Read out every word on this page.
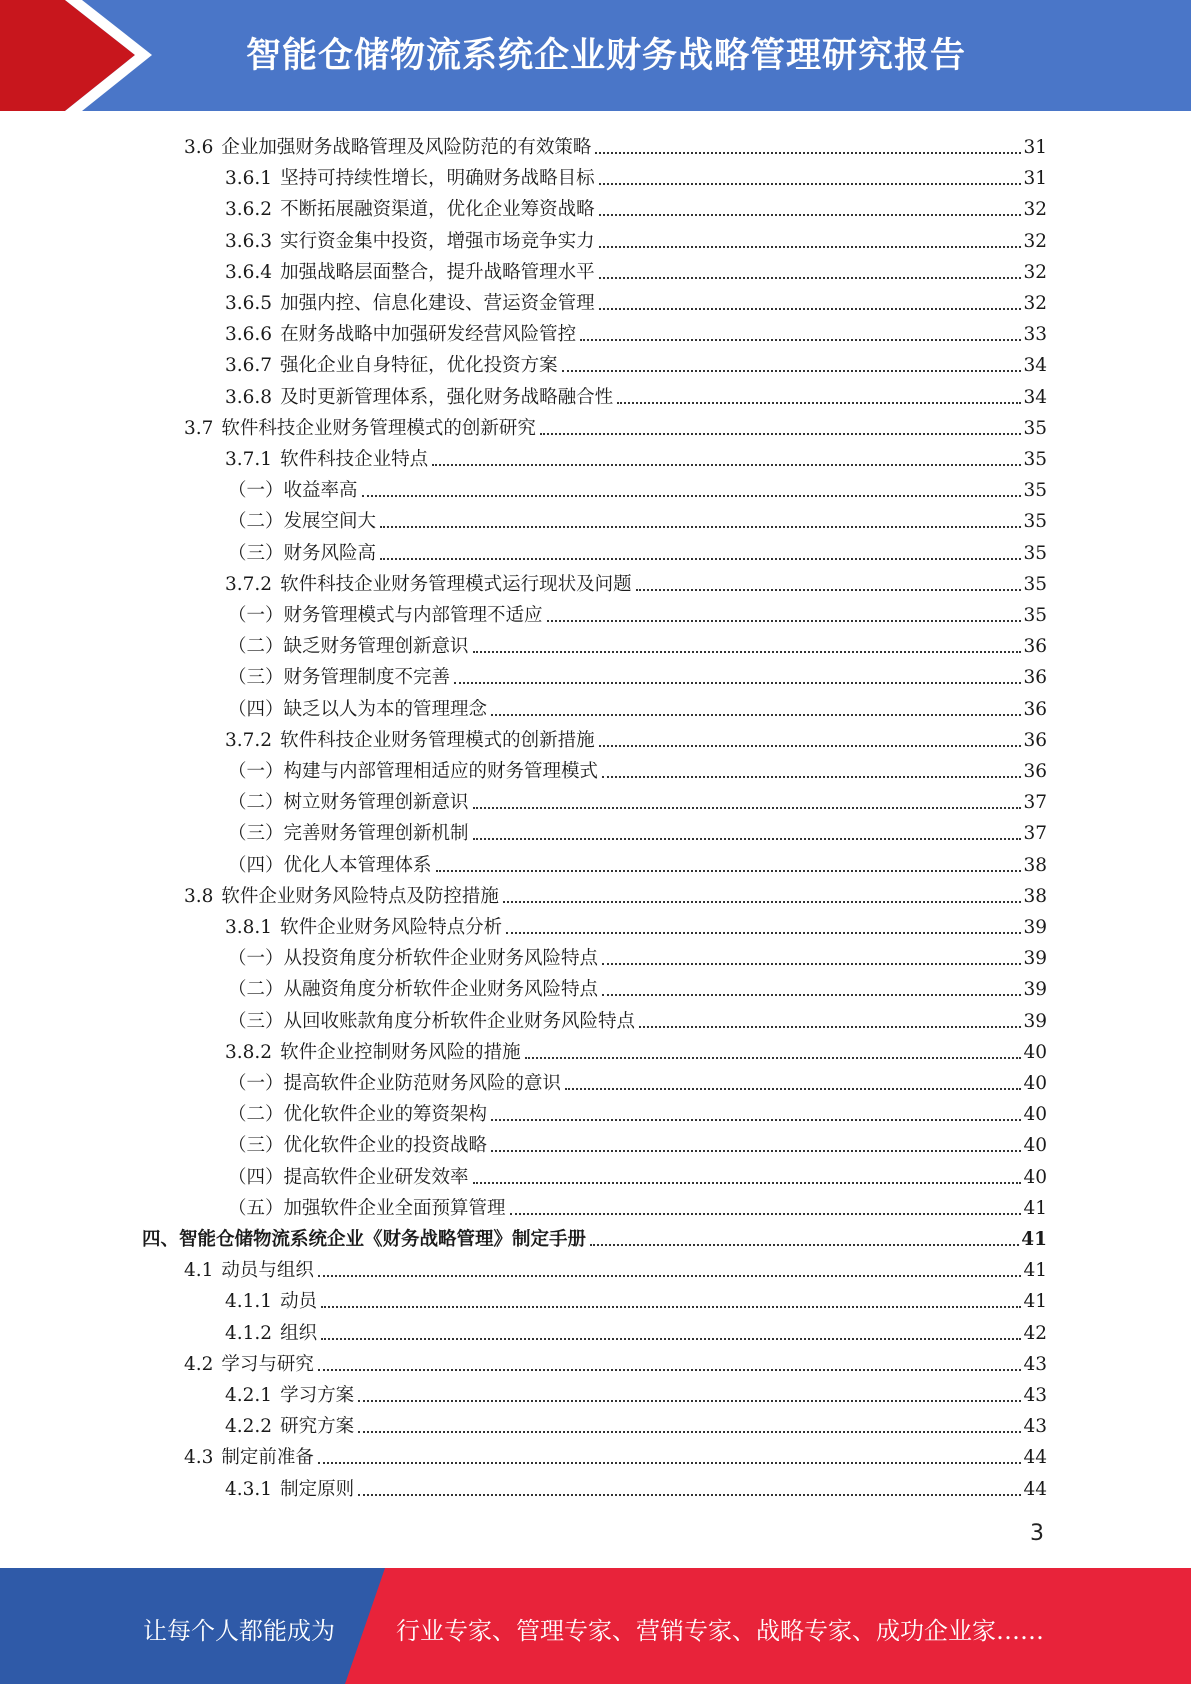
智能仓储物流系统企业财务战略管理研究报告
3.6 企业加强财务战略管理及风险防范的有效策略	31
3.6.1 坚持可持续性增长，明确财务战略目标	31
3.6.2 不断拓展融资渠道，优化企业筹资战略	32
3.6.3 实行资金集中投资，增强市场竞争实力	32
3.6.4 加强战略层面整合，提升战略管理水平	32
3.6.5 加强内控、信息化建设、营运资金管理	32
3.6.6 在财务战略中加强研发经营风险管控	33
3.6.7 强化企业自身特征，优化投资方案	34
3.6.8 及时更新管理体系，强化财务战略融合性	34
3.7 软件科技企业财务管理模式的创新研究	35
3.7.1 软件科技企业特点	35
（一）收益率高	35
（二）发展空间大	35
（三）财务风险高	35
3.7.2 软件科技企业财务管理模式运行现状及问题	35
（一）财务管理模式与内部管理不适应	35
（二）缺乏财务管理创新意识	36
（三）财务管理制度不完善	36
（四）缺乏以人为本的管理理念	36
3.7.2 软件科技企业财务管理模式的创新措施	36
（一）构建与内部管理相适应的财务管理模式	36
（二）树立财务管理创新意识	37
（三）完善财务管理创新机制	37
（四）优化人本管理体系	38
3.8 软件企业财务风险特点及防控措施	38
3.8.1 软件企业财务风险特点分析	39
（一）从投资角度分析软件企业财务风险特点	39
（二）从融资角度分析软件企业财务风险特点	39
（三）从回收账款角度分析软件企业财务风险特点	39
3.8.2 软件企业控制财务风险的措施	40
（一）提高软件企业防范财务风险的意识	40
（二）优化软件企业的筹资架构	40
（三）优化软件企业的投资战略	40
（四）提高软件企业研发效率	40
（五）加强软件企业全面预算管理	41
四、智能仓储物流系统企业《财务战略管理》制定手册	41
4.1 动员与组织	41
4.1.1 动员	41
4.1.2 组织	42
4.2 学习与研究	43
4.2.1 学习方案	43
4.2.2 研究方案	43
4.3 制定前准备	44
4.3.1 制定原则	44
3
让每个人都能成为	行业专家、管理专家、营销专家、战略专家、成功企业家……
